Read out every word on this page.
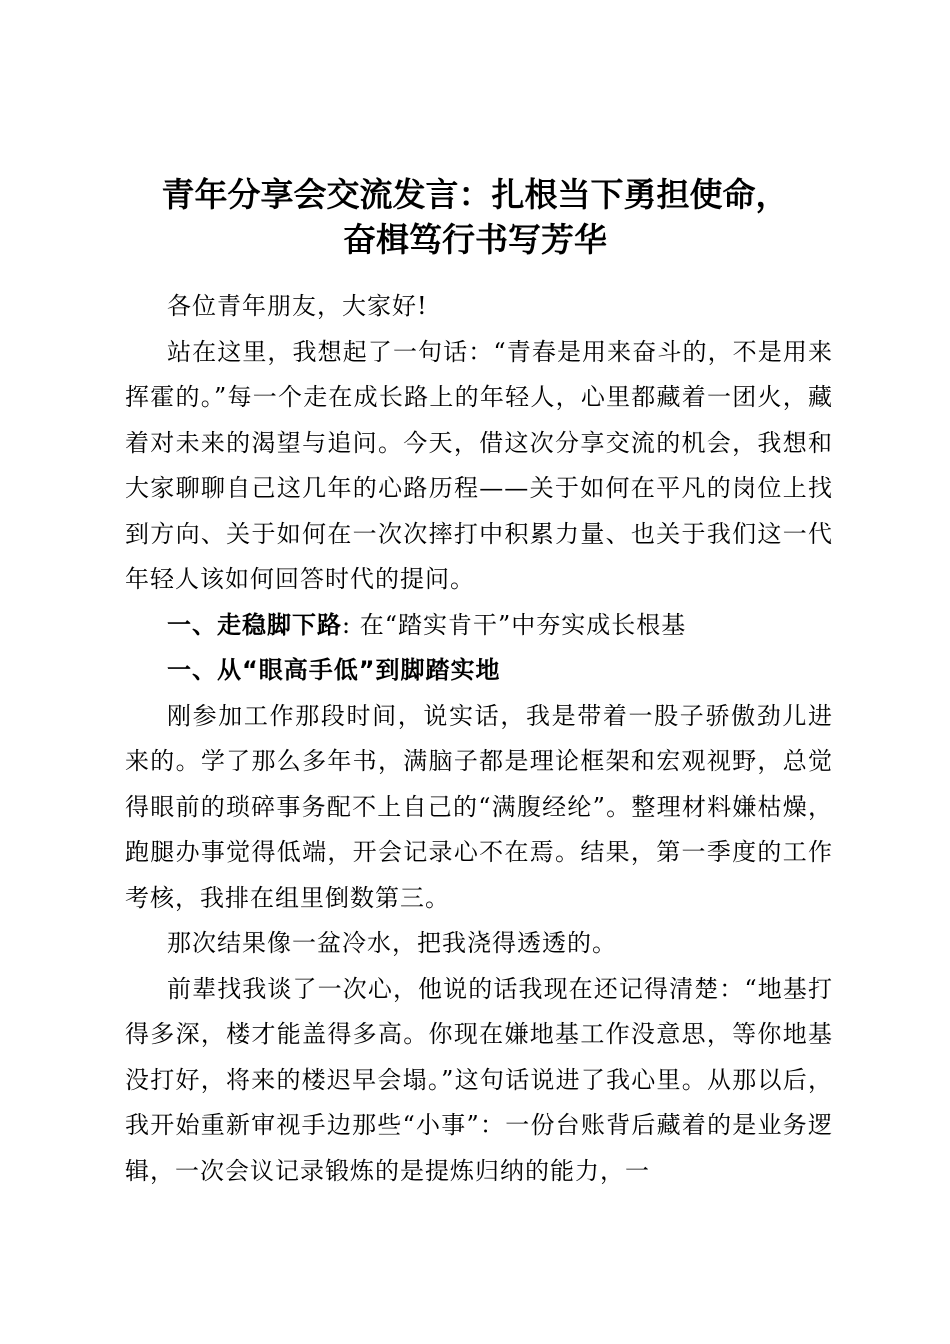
青年分享会交流发言：扎根当下勇担使命，
奋楫笃行书写芳华

各位青年朋友，大家好!

站在这里，我想起了一句话：“青春是用来奋斗的，不是用来挥霍的。”每一个走在成长路上的年轻人，心里都藏着一团火，藏着对未来的渴望与追问。今天，借这次分享交流的机会，我想和大家聊聊自己这几年的心路历程——关于如何在平凡的岗位上找到方向、关于如何在一次次摔打中积累力量、也关于我们这一代年轻人该如何回答时代的提问。

一、走稳脚下路: 在“踏实肯干”中夯实成长根基

一、从“眼高手低”到脚踏实地

刚参加工作那段时间，说实话，我是带着一股子骄傲劲儿进来的。学了那么多年书，满脑子都是理论框架和宏观视野，总觉得眼前的琐碎事务配不上自己的“满腹经纶”。整理材料嫌枯燥，跑腿办事觉得低端，开会记录心不在焉。结果，第一季度的工作考核，我排在组里倒数第三。

那次结果像一盆冷水，把我浇得透透的。

前辈找我谈了一次心，他说的话我现在还记得清楚：“地基打得多深，楼才能盖得多高。你现在嫌地基工作没意思，等你地基没打好，将来的楼迟早会塌。”这句话说进了我心里。从那以后，我开始重新审视手边那些“小事”：一份台账背后藏着的是业务逻辑，一次会议记录锻炼的是提炼归纳的能力，一
